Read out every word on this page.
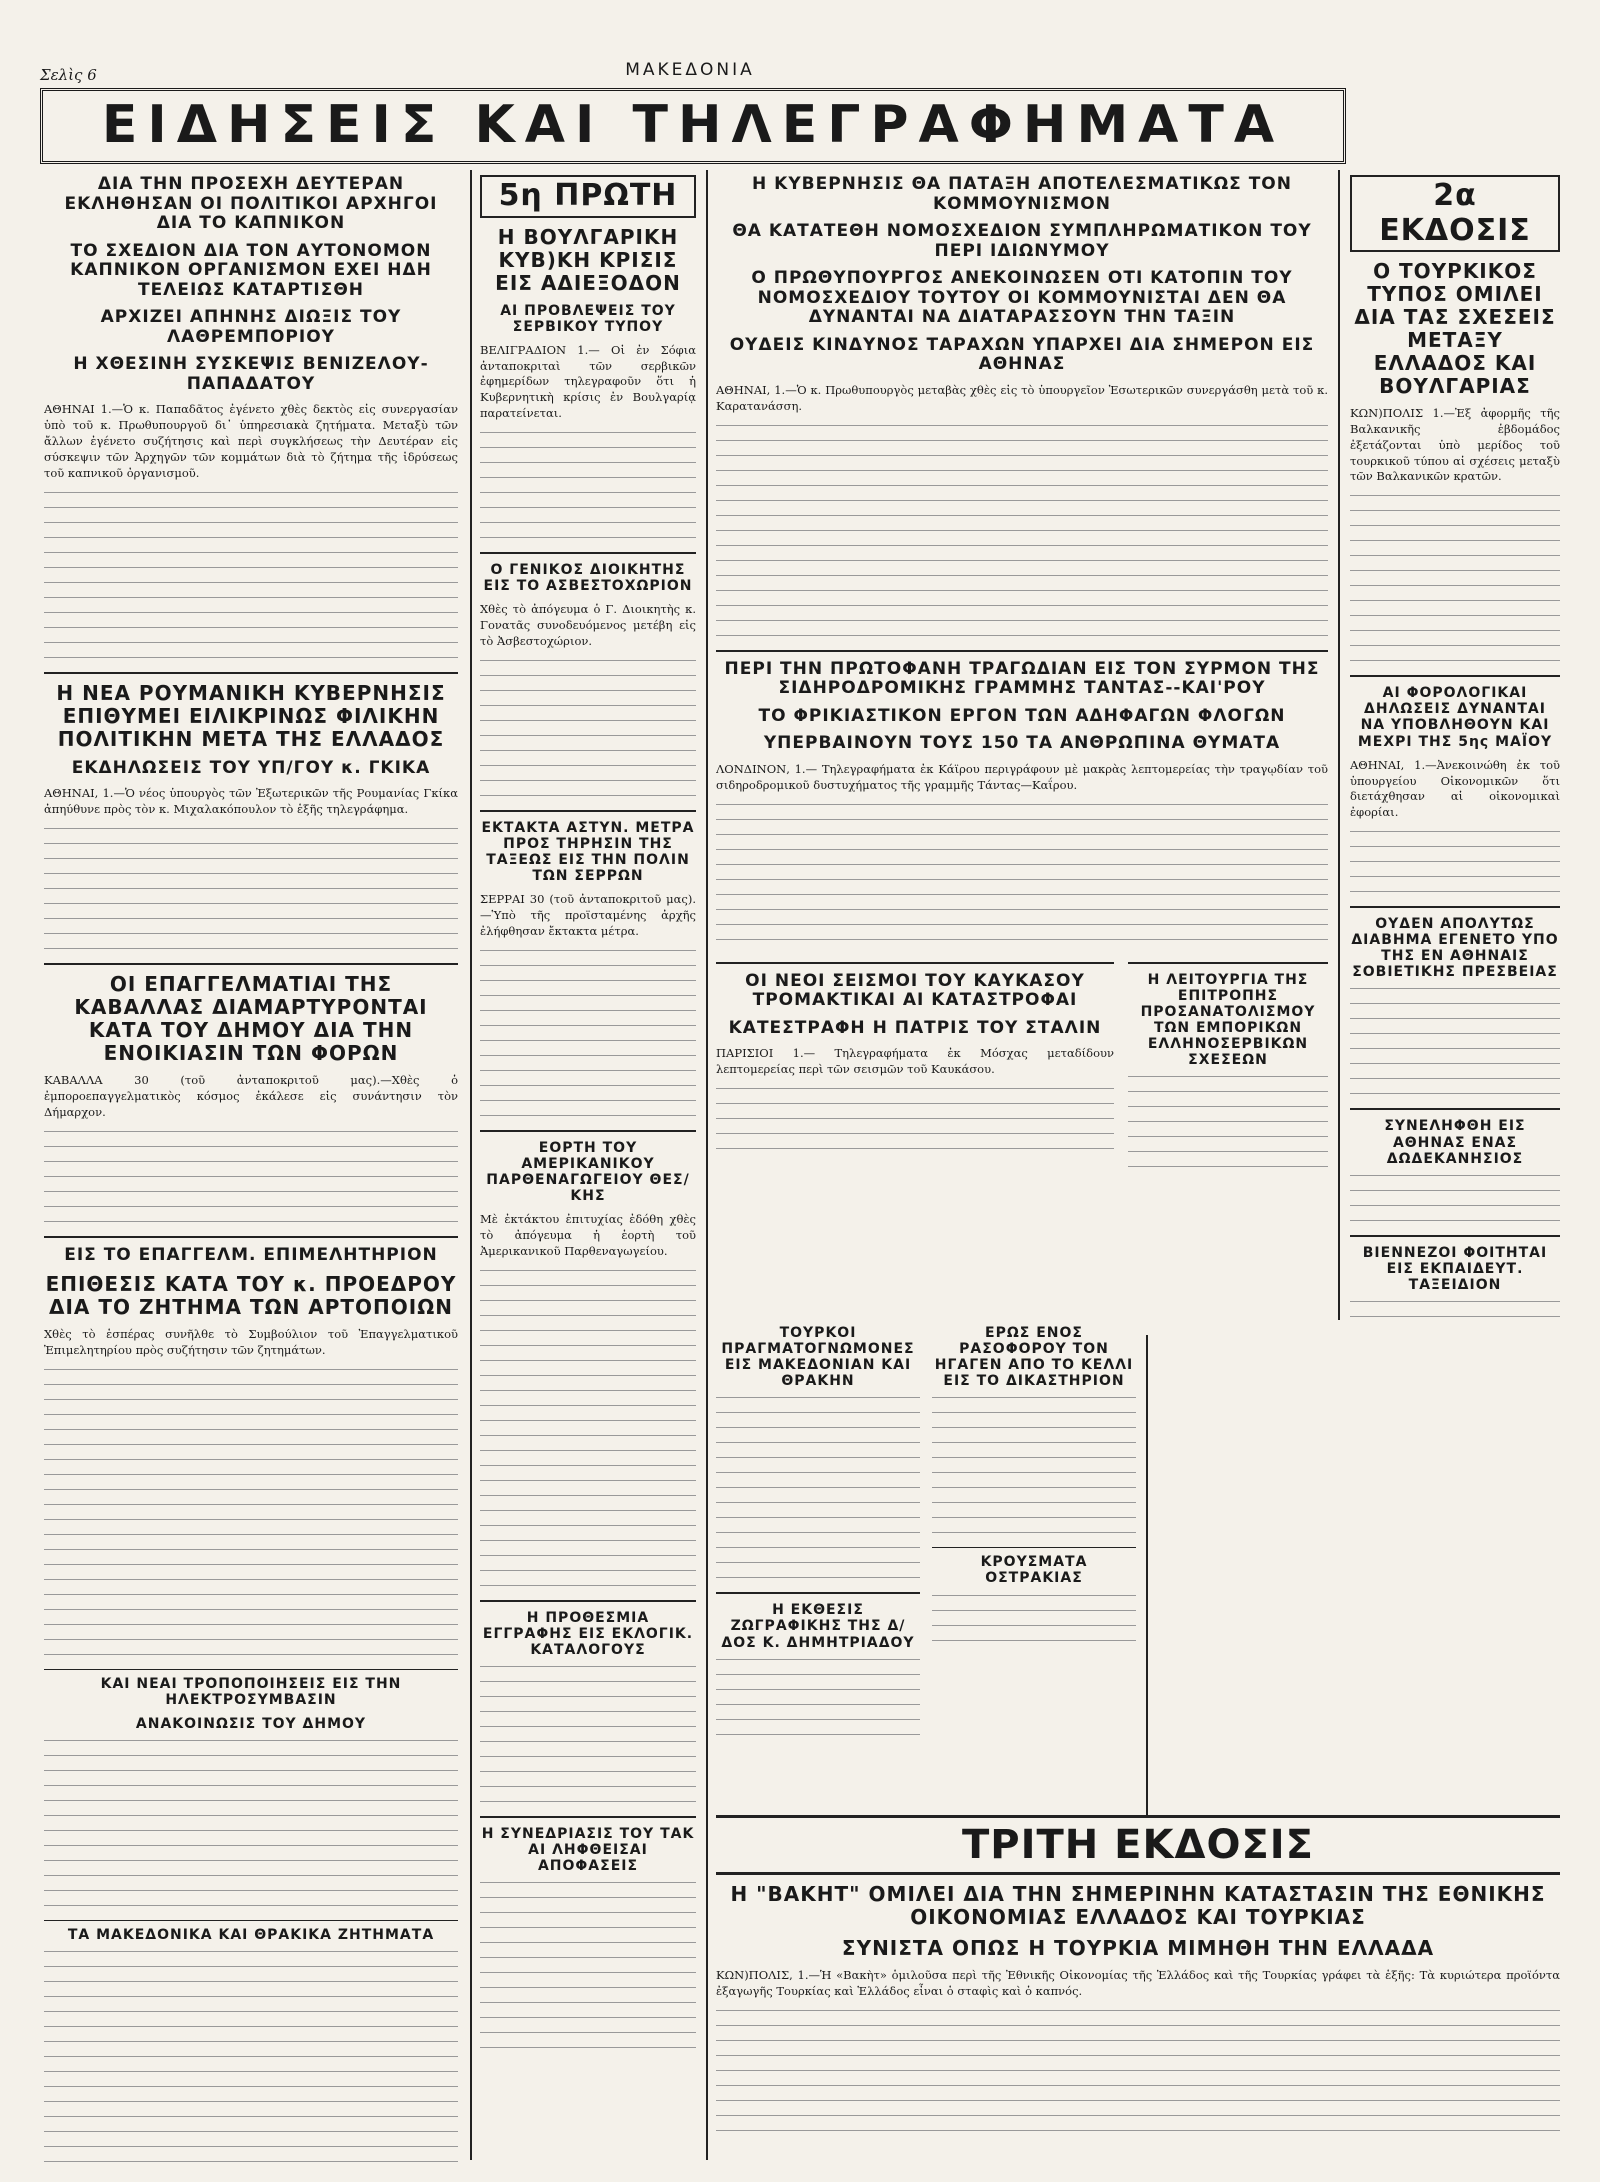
Σελὶς 6	ΜΑΚΕΔΟΝΙΑ
ΕΙΔΗΣΕΙΣ ΚΑΙ ΤΗΛΕΓΡΑΦΗΜΑΤΑ
ΔΙΑ ΤΗΝ ΠΡΟΣΕΧΗ ΔΕΥΤΕΡΑΝ ΕΚΛΗΘΗΣΑΝ ΟΙ ΠΟΛΙΤΙΚΟΙ ΑΡΧΗΓΟΙ ΔΙΑ ΤΟ ΚΑΠΝΙΚΟΝ
ΤΟ ΣΧΕΔΙΟΝ ΔΙΑ ΤΟΝ ΑΥΤΟΝΟΜΟΝ ΚΑΠΝΙΚΟΝ ΟΡΓΑΝΙΣΜΟΝ ΕΧΕΙ ΗΔΗ ΤΕΛΕΙΩΣ ΚΑΤΑΡΤΙΣΘΗ
ΑΡΧΙΖΕΙ ΑΠΗΝΗΣ ΔΙΩΞΙΣ ΤΟΥ ΛΑΘΡΕΜΠΟΡΙΟΥ
Η ΧΘΕΣΙΝΗ ΣΥΣΚΕΨΙΣ ΒΕΝΙΖΕΛΟΥ-ΠΑΠΑΔΑΤΟΥ

ΑΘΗΝΑΙ 1.—Ὁ κ. Παπαδᾶτος ἐγένετο χθὲς δεκτὸς εἰς συνεργασίαν ὑπὸ τοῦ κ. Πρωθυπουργοῦ δι᾽ ὑπηρεσιακὰ ζητήματα. Μεταξὺ τῶν ἄλλων ἐγένετο συζήτησις καὶ περὶ συγκλήσεως τὴν Δευτέραν εἰς σύσκεψιν τῶν Ἀρχηγῶν τῶν κομμάτων διὰ τὸ ζήτημα τῆς ἱδρύσεως τοῦ καπνικοῦ ὀργανισμοῦ.

Η ΝΕΑ ΡΟΥΜΑΝΙΚΗ ΚΥΒΕΡΝΗΣΙΣ ΕΠΙΘΥΜΕΙ ΕΙΛΙΚΡΙΝΩΣ ΦΙΛΙΚΗΝ ΠΟΛΙΤΙΚΗΝ ΜΕΤΑ ΤΗΣ ΕΛΛΑΔΟΣ
ΕΚΔΗΛΩΣΕΙΣ ΤΟΥ ΥΠ/ΓΟΥ κ. ΓΚΙΚΑ

ΑΘΗΝΑΙ, 1.—Ὁ νέος ὑπουργὸς τῶν Ἐξωτερικῶν τῆς Ρουμανίας Γκίκα ἀπηύθυνε πρὸς τὸν κ. Μιχαλακόπουλον τὸ ἑξῆς τηλεγράφημα.

ΟΙ ΕΠΑΓΓΕΛΜΑΤΙΑΙ ΤΗΣ ΚΑΒΑΛΛΑΣ ΔΙΑΜΑΡΤΥΡΟΝΤΑΙ ΚΑΤΑ ΤΟΥ ΔΗΜΟΥ ΔΙΑ ΤΗΝ ΕΝΟΙΚΙΑΣΙΝ ΤΩΝ ΦΟΡΩΝ

ΚΑΒΑΛΛΑ 30 (τοῦ ἀνταποκριτοῦ μας).—Χθὲς ὁ ἐμποροεπαγγελματικὸς κόσμος ἐκάλεσε εἰς συνάντησιν τὸν Δήμαρχον.

ΕΙΣ ΤΟ ΕΠΑΓΓΕΛΜ. ΕΠΙΜΕΛΗΤΗΡΙΟΝ
ΕΠΙΘΕΣΙΣ ΚΑΤΑ ΤΟΥ κ. ΠΡΟΕΔΡΟΥ ΔΙΑ ΤΟ ΖΗΤΗΜΑ ΤΩΝ ΑΡΤΟΠΟΙΩΝ

Χθὲς τὸ ἑσπέρας συνῆλθε τὸ Συμβούλιον τοῦ Ἐπαγγελματικοῦ Ἐπιμελητηρίου πρὸς συζήτησιν τῶν ζητημάτων.

ΚΑΙ ΝΕΑΙ ΤΡΟΠΟΠΟΙΗΣΕΙΣ ΕΙΣ ΤΗΝ ΗΛΕΚΤΡΟΣΥΜΒΑΣΙΝ
ΑΝΑΚΟΙΝΩΣΙΣ ΤΟΥ ΔΗΜΟΥ
ΤΑ ΜΑΚΕΔΟΝΙΚΑ ΚΑΙ ΘΡΑΚΙΚΑ ΖΗΤΗΜΑΤΑ
5η ΠΡΩΤΗ
Η ΒΟΥΛΓΑΡΙΚΗ ΚΥΒ)ΚΗ ΚΡΙΣΙΣ ΕΙΣ ΑΔΙΕΞΟΔΟΝ
ΑΙ ΠΡΟΒΛΕΨΕΙΣ ΤΟΥ ΣΕΡΒΙΚΟΥ ΤΥΠΟΥ

ΒΕΛΙΓΡΑΔΙΟΝ 1.— Οἱ ἐν Σόφια ἀνταποκριταὶ τῶν σερβικῶν ἐφημερίδων τηλεγραφοῦν ὅτι ἡ Κυβερνητικὴ κρίσις ἐν Βουλγαρίᾳ παρατείνεται.

Ο ΓΕΝΙΚΟΣ ΔΙΟΙΚΗΤΗΣ ΕΙΣ ΤΟ ΑΣΒΕΣΤΟΧΩΡΙΟΝ

Χθὲς τὸ ἀπόγευμα ὁ Γ. Διοικητὴς κ. Γονατᾶς συνοδευόμενος μετέβη εἰς τὸ Ἀσβεστοχώριον.

ΕΚΤΑΚΤΑ ΑΣΤΥΝ. ΜΕΤΡΑ ΠΡΟΣ ΤΗΡΗΣΙΝ ΤΗΣ ΤΑΞΕΩΣ ΕΙΣ ΤΗΝ ΠΟΛΙΝ ΤΩΝ ΣΕΡΡΩΝ

ΣΕΡΡΑΙ 30 (τοῦ ἀνταποκριτοῦ μας).—Ὑπὸ τῆς προϊσταμένης ἀρχῆς ἐλήφθησαν ἔκτακτα μέτρα.

ΕΟΡΤΗ ΤΟΥ ΑΜΕΡΙΚΑΝΙΚΟΥ ΠΑΡΘΕΝΑΓΩΓΕΙΟΥ ΘΕΣ/ΚΗΣ

Μὲ ἐκτάκτου ἐπιτυχίας ἐδόθη χθὲς τὸ ἀπόγευμα ἡ ἑορτὴ τοῦ Ἀμερικανικοῦ Παρθεναγωγείου.

Η ΠΡΟΘΕΣΜΙΑ ΕΓΓΡΑΦΗΣ ΕΙΣ ΕΚΛΟΓΙΚ. ΚΑΤΑΛΟΓΟΥΣ
Η ΣΥΝΕΔΡΙΑΣΙΣ ΤΟΥ ΤΑΚ ΑΙ ΛΗΦΘΕΙΣΑΙ ΑΠΟΦΑΣΕΙΣ
Η ΚΥΒΕΡΝΗΣΙΣ ΘΑ ΠΑΤΑΞΗ ΑΠΟΤΕΛΕΣΜΑΤΙΚΩΣ ΤΟΝ ΚΟΜΜΟΥΝΙΣΜΟΝ
ΘΑ ΚΑΤΑΤΕΘΗ ΝΟΜΟΣΧΕΔΙΟΝ ΣΥΜΠΛΗΡΩΜΑΤΙΚΟΝ ΤΟΥ ΠΕΡΙ ΙΔΙΩΝΥΜΟΥ
Ο ΠΡΩΘΥΠΟΥΡΓΟΣ ΑΝΕΚΟΙΝΩΣΕΝ ΟΤΙ ΚΑΤΟΠΙΝ ΤΟΥ ΝΟΜΟΣΧΕΔΙΟΥ ΤΟΥΤΟΥ ΟΙ ΚΟΜΜΟΥΝΙΣΤΑΙ ΔΕΝ ΘΑ ΔΥΝΑΝΤΑΙ ΝΑ ΔΙΑΤΑΡΑΣΣΟΥΝ ΤΗΝ ΤΑΞΙΝ
ΟΥΔΕΙΣ ΚΙΝΔΥΝΟΣ ΤΑΡΑΧΩΝ ΥΠΑΡΧΕΙ ΔΙΑ ΣΗΜΕΡΟΝ ΕΙΣ ΑΘΗΝΑΣ

ΑΘΗΝΑΙ, 1.—Ὁ κ. Πρωθυπουργὸς μεταβὰς χθὲς εἰς τὸ ὑπουργεῖον Ἐσωτερικῶν συνεργάσθη μετὰ τοῦ κ. Καρατανάσση.

ΠΕΡΙ ΤΗΝ ΠΡΩΤΟΦΑΝΗ ΤΡΑΓΩΔΙΑΝ ΕΙΣ ΤΟΝ ΣΥΡΜΟΝ ΤΗΣ ΣΙΔΗΡΟΔΡΟΜΙΚΗΣ ΓΡΑΜΜΗΣ ΤΑΝΤΑΣ--ΚΑΙ'ΡΟΥ
ΤΟ ΦΡΙΚΙΑΣΤΙΚΟΝ ΕΡΓΟΝ ΤΩΝ ΑΔΗΦΑΓΩΝ ΦΛΟΓΩΝ
ΥΠΕΡΒΑΙΝΟΥΝ ΤΟΥΣ 150 ΤΑ ΑΝΘΡΩΠΙΝΑ ΘΥΜΑΤΑ

ΛΟΝΔΙΝΟΝ, 1.— Τηλεγραφήματα ἐκ Κάϊρου περιγράφουν μὲ μακρὰς λεπτομερείας τὴν τραγῳδίαν τοῦ σιδηροδρομικοῦ δυστυχήματος τῆς γραμμῆς Τάντας—Καΐρου.

ΟΙ ΝΕΟΙ ΣΕΙΣΜΟΙ ΤΟΥ ΚΑΥΚΑΣΟΥ ΤΡΟΜΑΚΤΙΚΑΙ ΑΙ ΚΑΤΑΣΤΡΟΦΑΙ
ΚΑΤΕΣΤΡΑΦΗ Η ΠΑΤΡΙΣ ΤΟΥ ΣΤΑΛΙΝ

ΠΑΡΙΣΙΟΙ 1.— Τηλεγραφήματα ἐκ Μόσχας μεταδίδουν λεπτομερείας περὶ τῶν σεισμῶν τοῦ Καυκάσου.

Η ΛΕΙΤΟΥΡΓΙΑ ΤΗΣ ΕΠΙΤΡΟΠΗΣ ΠΡΟΣΑΝΑΤΟΛΙΣΜΟΥ ΤΩΝ ΕΜΠΟΡΙΚΩΝ ΕΛΛΗΝΟΣΕΡΒΙΚΩΝ ΣΧΕΣΕΩΝ
ΤΟΥΡΚΟΙ ΠΡΑΓΜΑΤΟΓΝΩΜΟΝΕΣ ΕΙΣ ΜΑΚΕΔΟΝΙΑΝ ΚΑΙ ΘΡΑΚΗΝ
Η ΕΚΘΕΣΙΣ ΖΩΓΡΑΦΙΚΗΣ ΤΗΣ Δ/ΔΟΣ Κ. ΔΗΜΗΤΡΙΑΔΟΥ
ΕΡΩΣ ΕΝΟΣ ΡΑΣΟΦΟΡΟΥ ΤΟΝ ΗΓΑΓΕΝ ΑΠΟ ΤΟ ΚΕΛΛΙ ΕΙΣ ΤΟ ΔΙΚΑΣΤΗΡΙΟΝ
ΚΡΟΥΣΜΑΤΑ ΟΣΤΡΑΚΙΑΣ
2α ΕΚΔΟΣΙΣ
Ο ΤΟΥΡΚΙΚΟΣ ΤΥΠΟΣ ΟΜΙΛΕΙ ΔΙΑ ΤΑΣ ΣΧΕΣΕΙΣ ΜΕΤΑΞΥ ΕΛΛΑΔΟΣ ΚΑΙ ΒΟΥΛΓΑΡΙΑΣ

ΚΩΝ)ΠΟΛΙΣ 1.—Ἐξ ἀφορμῆς τῆς Βαλκανικῆς ἑβδομάδος ἐξετάζονται ὑπὸ μερίδος τοῦ τουρκικοῦ τύπου αἱ σχέσεις μεταξὺ τῶν Βαλκανικῶν κρατῶν.

ΑΙ ΦΟΡΟΛΟΓΙΚΑΙ ΔΗΛΩΣΕΙΣ ΔΥΝΑΝΤΑΙ ΝΑ ΥΠΟΒΛΗΘΟΥΝ ΚΑΙ ΜΕΧΡΙ ΤΗΣ 5ης ΜΑΪΟΥ

ΑΘΗΝΑΙ, 1.—Ἀνεκοινώθη ἐκ τοῦ ὑπουργείου Οἰκονομικῶν ὅτι διετάχθησαν αἱ οἰκονομικαὶ ἐφορίαι.

ΟΥΔΕΝ ΑΠΟΛΥΤΩΣ ΔΙΑΒΗΜΑ ΕΓΕΝΕΤΟ ΥΠΟ ΤΗΣ ΕΝ ΑΘΗΝΑΙΣ ΣΟΒΙΕΤΙΚΗΣ ΠΡΕΣΒΕΙΑΣ
ΣΥΝΕΛΗΦΘΗ ΕΙΣ ΑΘΗΝΑΣ ΕΝΑΣ ΔΩΔΕΚΑΝΗΣΙΟΣ
ΒΙΕΝΝΕΖΟΙ ΦΟΙΤΗΤΑΙ ΕΙΣ ΕΚΠΑΙΔΕΥΤ. ΤΑΞΕΙΔΙΟΝ
ΤΡΙΤΗ ΕΚΔΟΣΙΣ
Η "ΒΑΚΗΤ" ΟΜΙΛΕΙ ΔΙΑ ΤΗΝ ΣΗΜΕΡΙΝΗΝ ΚΑΤΑΣΤΑΣΙΝ ΤΗΣ ΕΘΝΙΚΗΣ ΟΙΚΟΝΟΜΙΑΣ ΕΛΛΑΔΟΣ ΚΑΙ ΤΟΥΡΚΙΑΣ
ΣΥΝΙΣΤΑ ΟΠΩΣ Η ΤΟΥΡΚΙΑ ΜΙΜΗΘΗ ΤΗΝ ΕΛΛΑΔΑ

ΚΩΝ)ΠΟΛΙΣ, 1.—Ἡ «Βακὴτ» ὁμιλοῦσα περὶ τῆς Ἐθνικῆς Οἰκονομίας τῆς Ἑλλάδος καὶ τῆς Τουρκίας γράφει τὰ ἑξῆς: Τὰ κυριώτερα προϊόντα ἐξαγωγῆς Τουρκίας καὶ Ἑλλάδος εἶναι ὁ σταφὶς καὶ ὁ καπνός.
